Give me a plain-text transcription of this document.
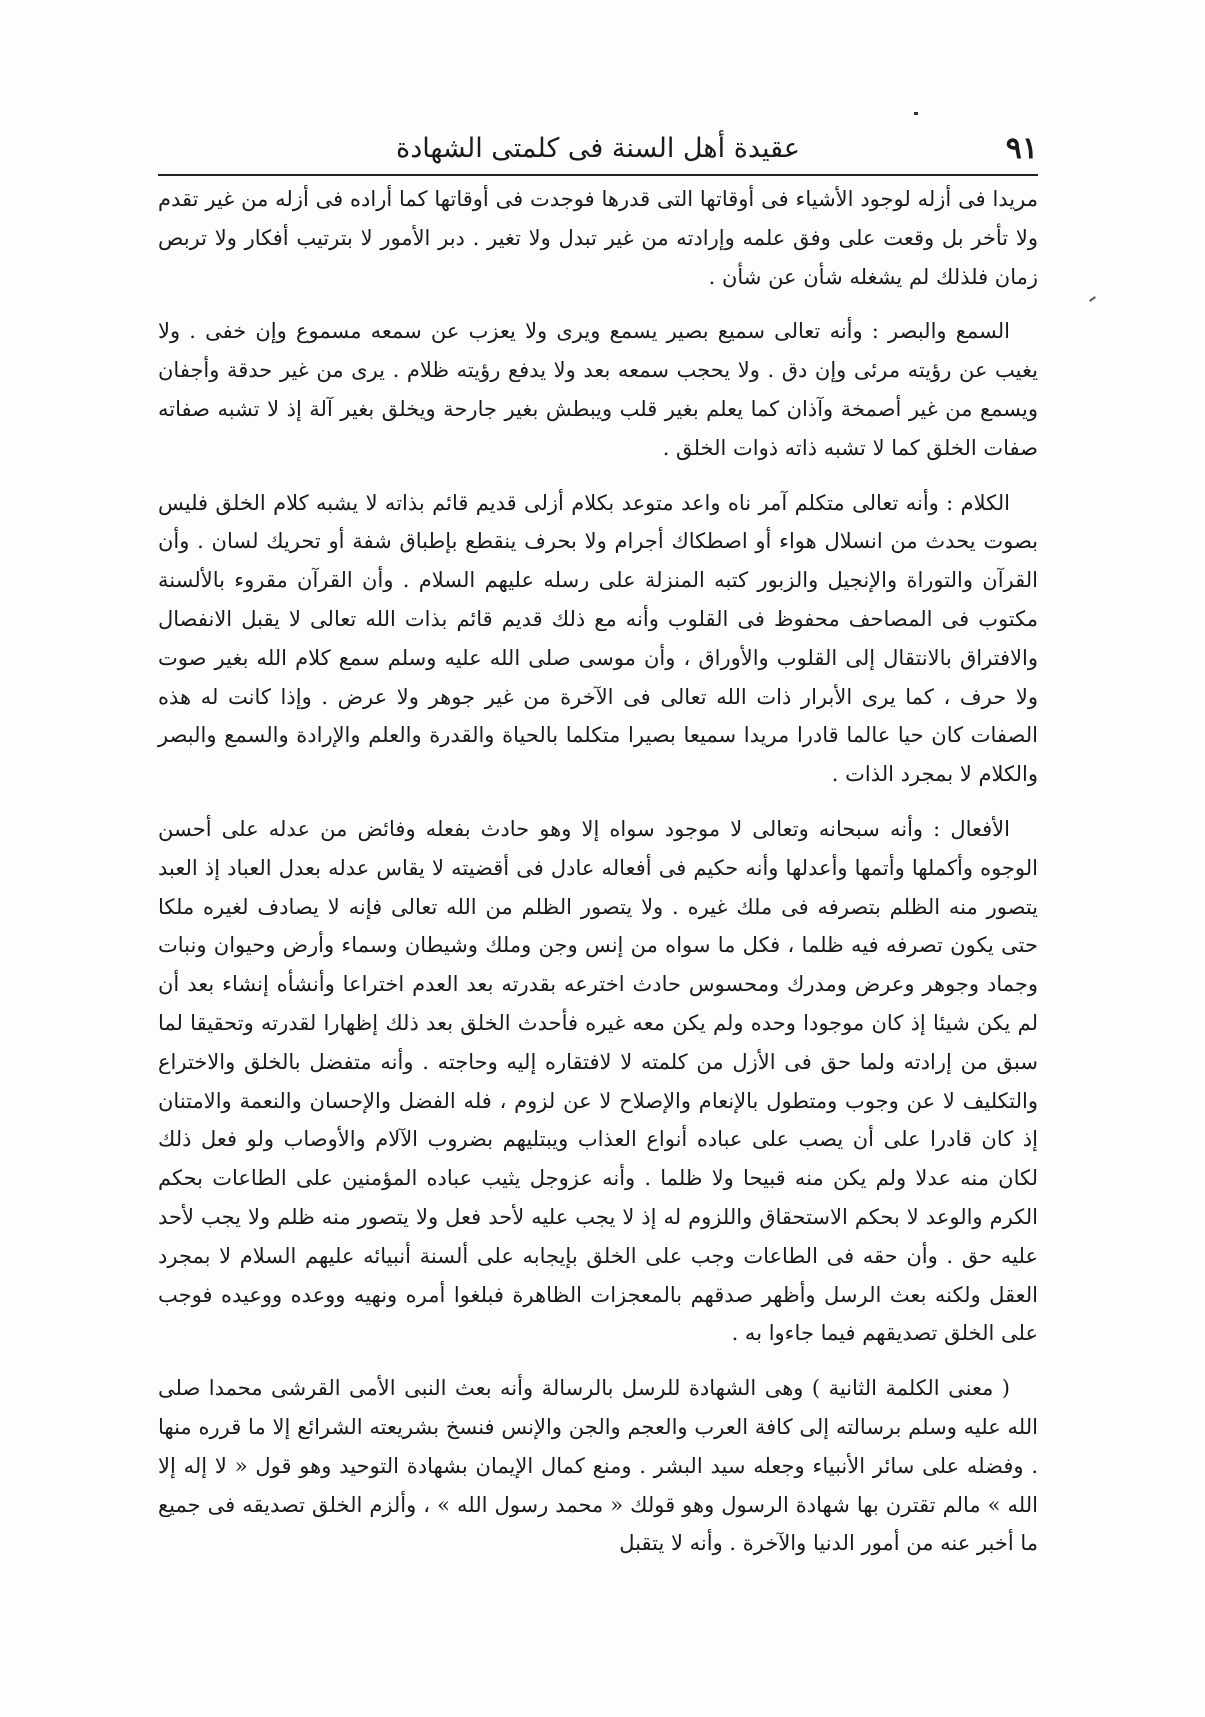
٩١
عقيدة أهل السنة فى كلمتى الشهادة

مريدا فى أزله لوجود الأشياء فى أوقاتها التى قدرها فوجدت فى أوقاتها كما أراده فى أزله من غير تقدم ولا تأخر بل وقعت على وفق علمه وإرادته من غير تبدل ولا تغير . دبر الأمور لا بترتيب أفكار ولا تربص زمان فلذلك لم يشغله شأن عن شأن .

السمع والبصر : وأنه تعالى سميع بصير يسمع ويرى ولا يعزب عن سمعه مسموع وإن خفى . ولا يغيب عن رؤيته مرئى وإن دق . ولا يحجب سمعه بعد ولا يدفع رؤيته ظلام . يرى من غير حدقة وأجفان ويسمع من غير أصمخة وآذان كما يعلم بغير قلب ويبطش بغير جارحة ويخلق بغير آلة إذ لا تشبه صفاته صفات الخلق كما لا تشبه ذاته ذوات الخلق .

الكلام : وأنه تعالى متكلم آمر ناه واعد متوعد بكلام أزلى قديم قائم بذاته لا يشبه كلام الخلق فليس بصوت يحدث من انسلال هواء أو اصطكاك أجرام ولا بحرف ينقطع بإطباق شفة أو تحريك لسان . وأن القرآن والتوراة والإنجيل والزبور كتبه المنزلة على رسله عليهم السلام . وأن القرآن مقروء بالألسنة مكتوب فى المصاحف محفوظ فى القلوب وأنه مع ذلك قديم قائم بذات الله تعالى لا يقبل الانفصال والافتراق بالانتقال إلى القلوب والأوراق ، وأن موسى صلى الله عليه وسلم سمع كلام الله بغير صوت ولا حرف ، كما يرى الأبرار ذات الله تعالى فى الآخرة من غير جوهر ولا عرض . وإذا كانت له هذه الصفات كان حيا عالما قادرا مريدا سميعا بصيرا متكلما بالحياة والقدرة والعلم والإرادة والسمع والبصر والكلام لا بمجرد الذات .

الأفعال : وأنه سبحانه وتعالى لا موجود سواه إلا وهو حادث بفعله وفائض من عدله على أحسن الوجوه وأكملها وأتمها وأعدلها وأنه حكيم فى أفعاله عادل فى أقضيته لا يقاس عدله بعدل العباد إذ العبد يتصور منه الظلم بتصرفه فى ملك غيره . ولا يتصور الظلم من الله تعالى فإنه لا يصادف لغيره ملكا حتى يكون تصرفه فيه ظلما ، فكل ما سواه من إنس وجن وملك وشيطان وسماء وأرض وحيوان ونبات وجماد وجوهر وعرض ومدرك ومحسوس حادث اخترعه بقدرته بعد العدم اختراعا وأنشأه إنشاء بعد أن لم يكن شيئا إذ كان موجودا وحده ولم يكن معه غيره فأحدث الخلق بعد ذلك إظهارا لقدرته وتحقيقا لما سبق من إرادته ولما حق فى الأزل من كلمته لا لافتقاره إليه وحاجته . وأنه متفضل بالخلق والاختراع والتكليف لا عن وجوب ومتطول بالإنعام والإصلاح لا عن لزوم ، فله الفضل والإحسان والنعمة والامتنان إذ كان قادرا على أن يصب على عباده أنواع العذاب ويبتليهم بضروب الآلام والأوصاب ولو فعل ذلك لكان منه عدلا ولم يكن منه قبيحا ولا ظلما . وأنه عزوجل يثيب عباده المؤمنين على الطاعات بحكم الكرم والوعد لا بحكم الاستحقاق واللزوم له إذ لا يجب عليه لأحد فعل ولا يتصور منه ظلم ولا يجب لأحد عليه حق . وأن حقه فى الطاعات وجب على الخلق بإيجابه على ألسنة أنبيائه عليهم السلام لا بمجرد العقل ولكنه بعث الرسل وأظهر صدقهم بالمعجزات الظاهرة فبلغوا أمره ونهيه ووعده ووعيده فوجب على الخلق تصديقهم فيما جاءوا به .

( معنى الكلمة الثانية ) وهى الشهادة للرسل بالرسالة وأنه بعث النبى الأمى القرشى محمدا صلى الله عليه وسلم برسالته إلى كافة العرب والعجم والجن والإنس فنسخ بشريعته الشرائع إلا ما قرره منها . وفضله على سائر الأنبياء وجعله سيد البشر . ومنع كمال الإيمان بشهادة التوحيد وهو قول « لا إله إلا الله » مالم تقترن بها شهادة الرسول وهو قولك « محمد رسول الله » ، وألزم الخلق تصديقه فى جميع ما أخبر عنه من أمور الدنيا والآخرة . وأنه لا يتقبل
